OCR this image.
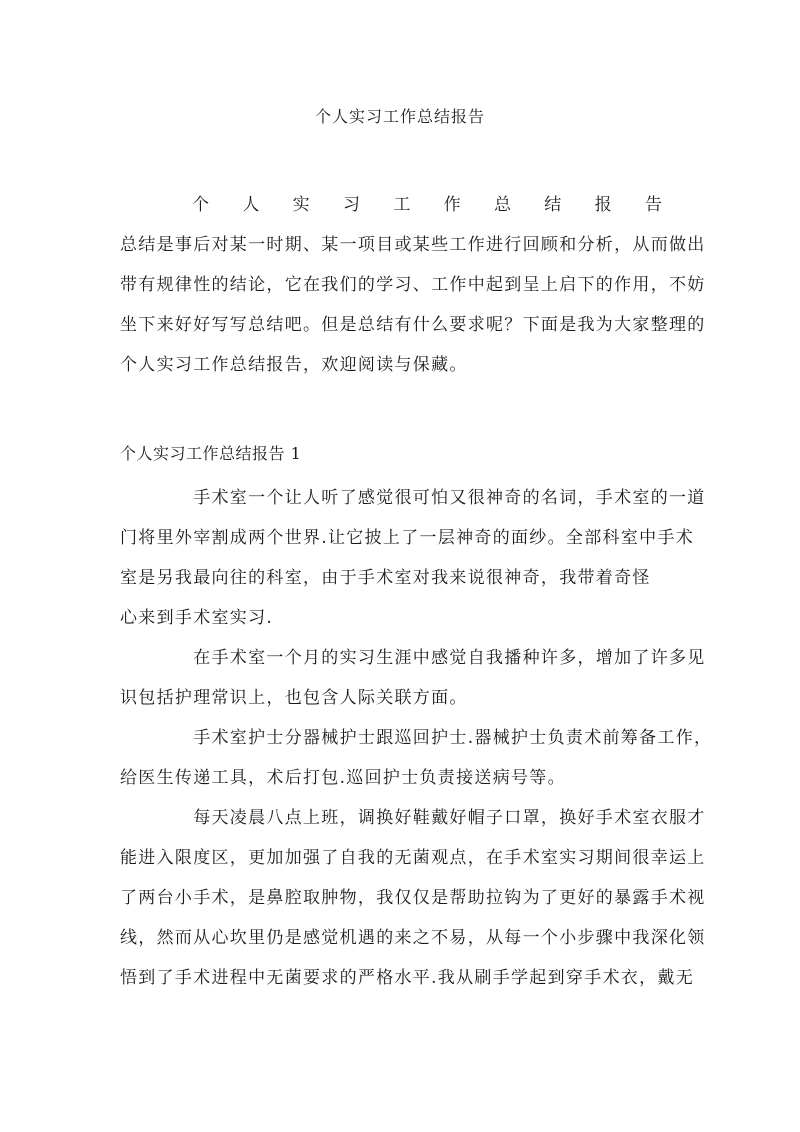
个人实习工作总结报告
个 人 实 习 工 作 总 结 报 告
总结是事后对某一时期、某一项目或某些工作进行回顾和分析，从而做出
带有规律性的结论，它在我们的学习、工作中起到呈上启下的作用，不妨
坐下来好好写写总结吧。但是总结有什么要求呢？下面是我为大家整理的
个人实习工作总结报告，欢迎阅读与保藏。
个人实习工作总结报告 1
　　　　手术室一个让人听了感觉很可怕又很神奇的名词，手术室的一道
门将里外宰割成两个世界.让它披上了一层神奇的面纱。全部科室中手术
室是另我最向往的科室，由于手术室对我来说很神奇，我带着奇怪
心来到手术室实习.
　　　　在手术室一个月的实习生涯中感觉自我播种许多，增加了许多见
识包括护理常识上，也包含人际关联方面。
　　　　手术室护士分器械护士跟巡回护士.器械护士负责术前筹备工作，
给医生传递工具，术后打包.巡回护士负责接送病号等。
　　　　每天凌晨八点上班，调换好鞋戴好帽子口罩，换好手术室衣服才
能进入限度区，更加加强了自我的无菌观点，在手术室实习期间很幸运上
了两台小手术，是鼻腔取肿物，我仅仅是帮助拉钩为了更好的暴露手术视
线，然而从心坎里仍是感觉机遇的来之不易，从每一个小步骤中我深化领
悟到了手术进程中无菌要求的严格水平.我从刷手学起到穿手术衣，戴无
